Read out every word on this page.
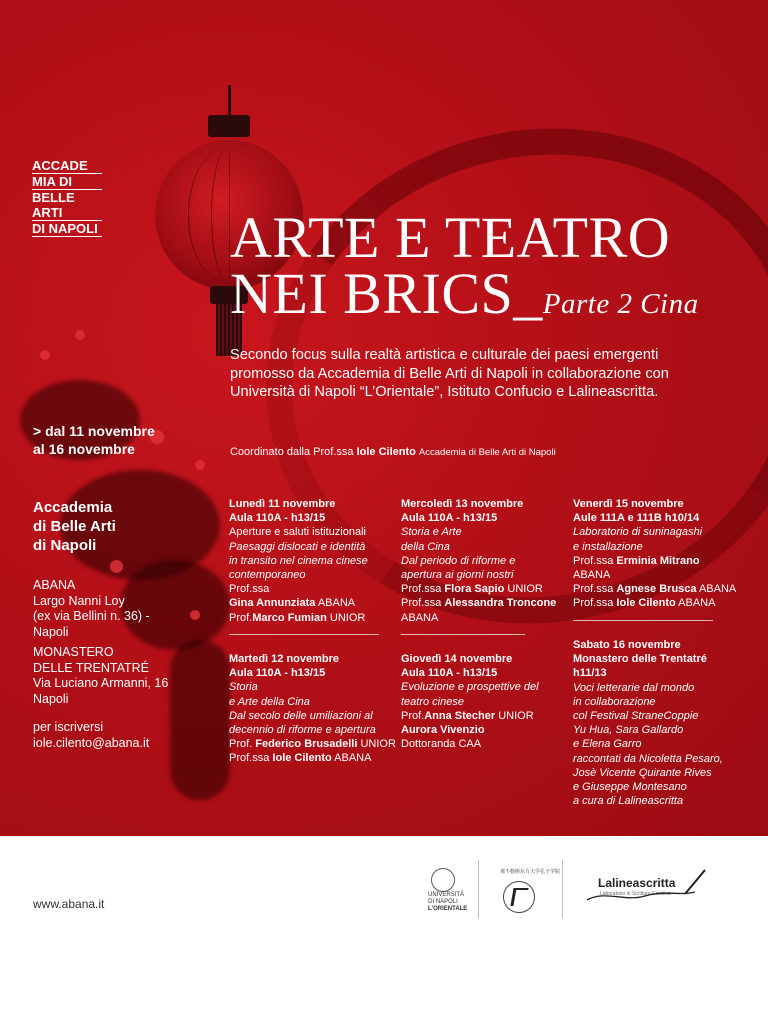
ACCADE
MIA DI
BELLE ARTI
DI NAPOLI ARTE E TEATRO
NEI BRICS_Parte 2 Cina
Secondo focus sulla realtà artistica e culturale dei paesi emergenti promosso da Accademia di Belle Arti di Napoli in collaborazione con Università di Napoli “L’Orientale”, Istituto Confucio e Lalineascritta.
Coordinato dalla Prof.ssa Iole Cilento Accademia di Belle Arti di Napoli
> dal 11 novembre
al 16 novembre
Accademia
di Belle Arti
di Napoli
ABANA
Largo Nanni Loy
(ex via Bellini n. 36) -
Napoli
MONASTERO
DELLE TRENTATRÉ
Via Luciano Armanni, 16
Napoli
per iscriversi
iole.cilento@abana.it
Lunedì 11 novembre
Aula 110A - h13/15
Aperture e saluti istituzionali
Paesaggi dislocati e identità
in transito nel cinema cinese
contemporaneo
Prof.ssa
Gina Annunziata ABANA
Prof.Marco Fumian UNIOR
Martedì 12 novembre
Aula 110A - h13/15
Storia
e Arte della Cina
Dal secolo delle umiliazioni al
decennio di riforme e apertura
Prof. Federico Brusadelli UNIOR
Prof.ssa Iole Cilento ABANA
Mercoledì 13 novembre
Aula 110A - h13/15
Storia e Arte
della Cina
Dal periodo di riforme e
apertura ai giorni nostri
Prof.ssa Flora Sapio UNIOR
Prof.ssa Alessandra Troncone
ABANA
Giovedì 14 novembre
Aula 110A - h13/15
Evoluzione e prospettive del
teatro cinese
Prof.Anna Stecher UNIOR
Aurora Vivenzio
Dottoranda CAA
Venerdì 15 novembre
Aule 111A e 111B h10/14
Laboratorio di suninagashi
e installazione
Prof.ssa Erminia Mitrano
ABANA
Prof.ssa Agnese Brusca ABANA
Prof.ssa Iole Cilento ABANA
Sabato 16 novembre
Monastero delle Trentatré
h11/13
Voci letterarie dal mondo
in collaborazione
col Festival StraneCoppie
Yu Hua, Sara Gallardo
e Elena Garro
raccontati da Nicoletta Pesaro,
Josè Vicente Quirante Rives
e Giuseppe Montesano
a cura di Lalineascritta
www.abana.it
UNIVERSITÀ DI NAPOLI
L'ORIENTALE
那不勒斯东方大学孔子学院
Lalineascritta
Laboratorio di Scrittura Creativa
